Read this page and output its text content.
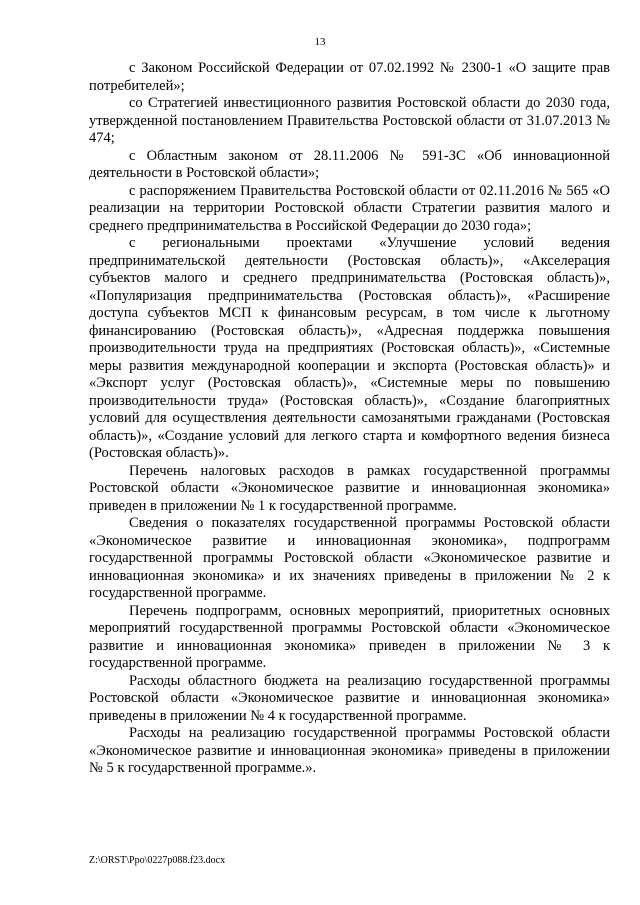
13

с Законом Российской Федерации от 07.02.1992 № 2300-1 «О защите прав потребителей»;

со Стратегией инвестиционного развития Ростовской области до 2030 года, утвержденной постановлением Правительства Ростовской области от 31.07.2013 № 474;

с Областным законом от 28.11.2006 № 591-ЗС «Об инновационной деятельности в Ростовской области»;

с распоряжением Правительства Ростовской области от 02.11.2016 № 565 «О реализации на территории Ростовской области Стратегии развития малого и среднего предпринимательства в Российской Федерации до 2030 года»;

с региональными проектами «Улучшение условий ведения предпринимательской деятельности (Ростовская область)», «Акселерация субъектов малого и среднего предпринимательства (Ростовская область)», «Популяризация предпринимательства (Ростовская область)», «Расширение доступа субъектов МСП к финансовым ресурсам, в том числе к льготному финансированию (Ростовская область)», «Адресная поддержка повышения производительности труда на предприятиях (Ростовская область)», «Системные меры развития международной кооперации и экспорта (Ростовская область)» и «Экспорт услуг (Ростовская область)», «Системные меры по повышению производительности труда» (Ростовская область)», «Создание благоприятных условий для осуществления деятельности самозанятыми гражданами (Ростовская область)», «Создание условий для легкого старта и комфортного ведения бизнеса (Ростовская область)».

Перечень налоговых расходов в рамках государственной программы Ростовской области «Экономическое развитие и инновационная экономика» приведен в приложении № 1 к государственной программе.

Сведения о показателях государственной программы Ростовской области «Экономическое развитие и инновационная экономика», подпрограмм государственной программы Ростовской области «Экономическое развитие и инновационная экономика» и их значениях приведены в приложении № 2 к государственной программе.

Перечень подпрограмм, основных мероприятий, приоритетных основных мероприятий государственной программы Ростовской области «Экономическое развитие и инновационная экономика» приведен в приложении № 3 к государственной программе.

Расходы областного бюджета на реализацию государственной программы Ростовской области «Экономическое развитие и инновационная экономика» приведены в приложении № 4 к государственной программе.

Расходы на реализацию государственной программы Ростовской области «Экономическое развитие и инновационная экономика» приведены в приложении № 5 к государственной программе.».

Z:\ORST\Ppo\0227p088.f23.docx
